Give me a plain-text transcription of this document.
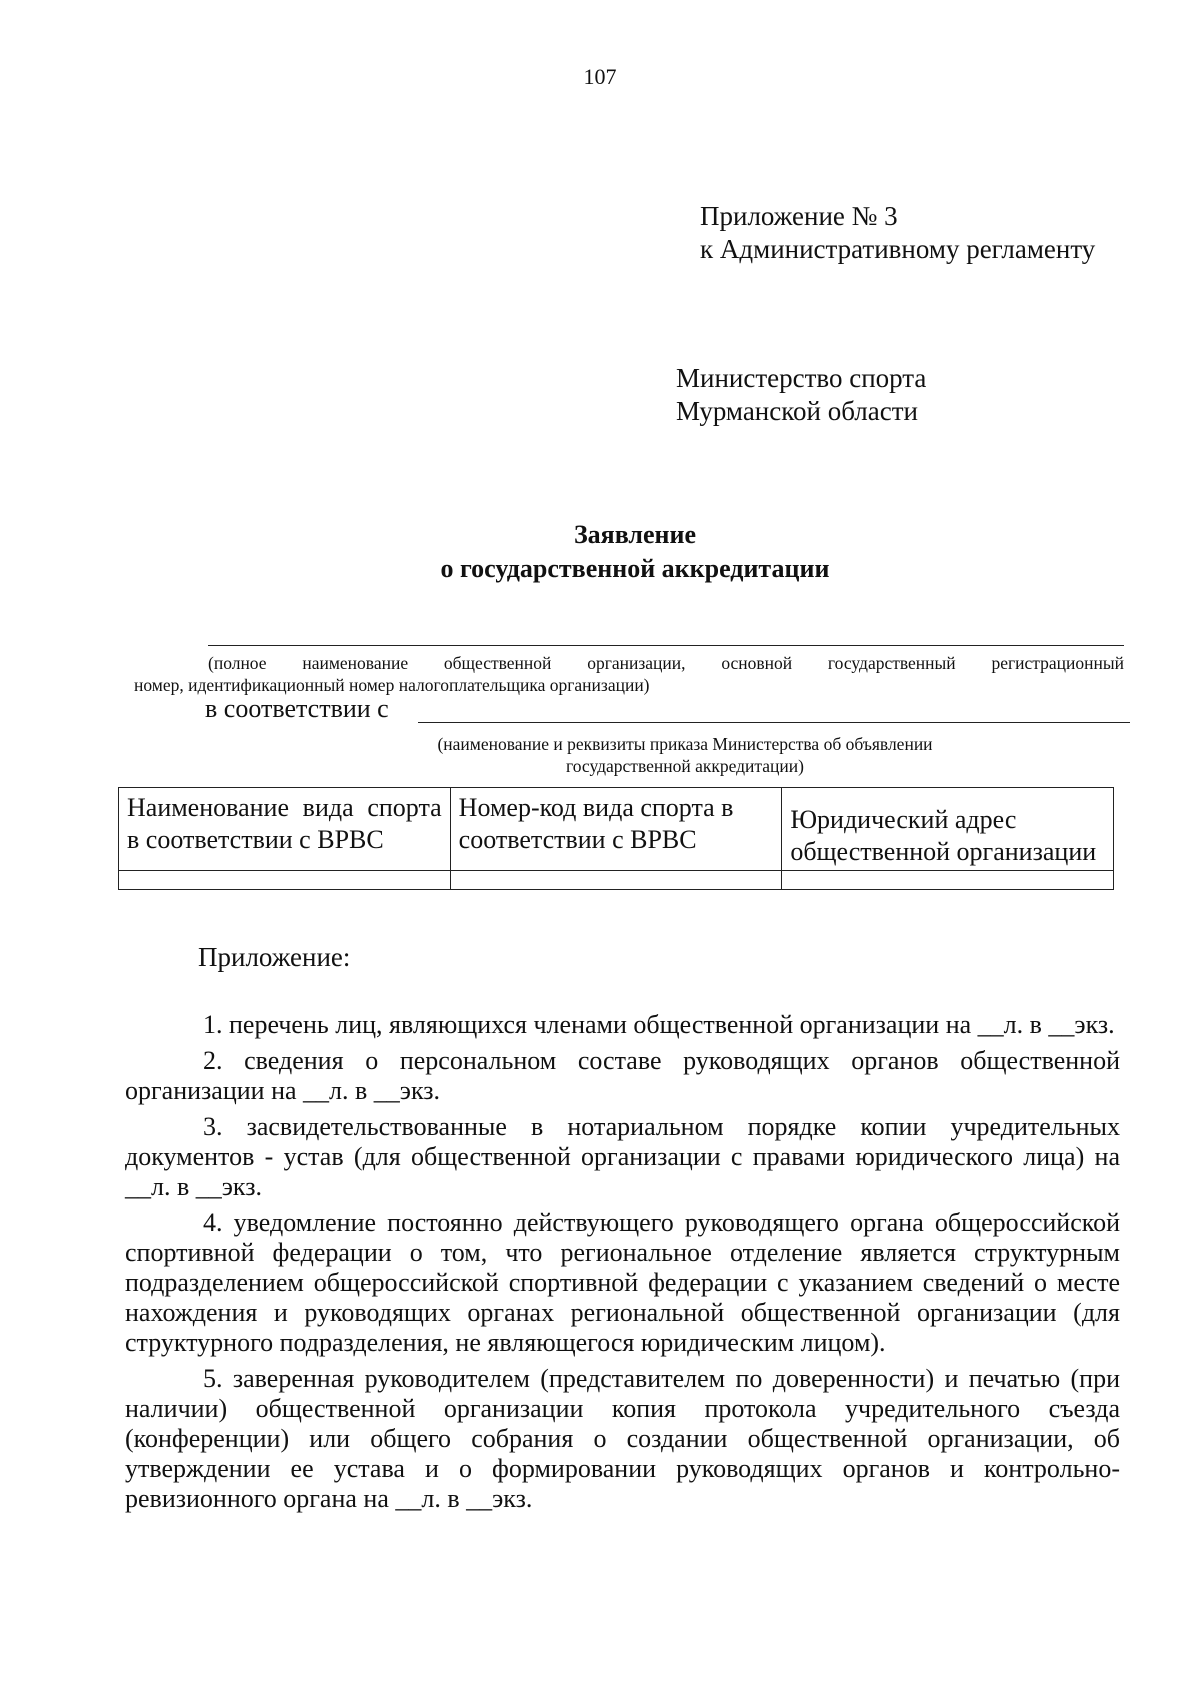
107
Приложение № 3
к Административному регламенту
Министерство спорта
Мурманской области
Заявление
о государственной аккредитации
(полное наименование общественной организации, основной государственный регистрационный
номер, идентификационный номер налогоплательщика организации)
в соответствии с
(наименование и реквизиты приказа Министерства об объявлении
государственной аккредитации)
Наименование вида спорта в соответствии с ВРВС	Номер-код вида спорта в соответствии с ВРВС	Юридический адрес общественной организации

Приложение:

1. перечень лиц, являющихся членами общественной организации на __л. в __экз.

2. сведения о персональном составе руководящих органов общественной организации на __л. в __экз.

3. засвидетельствованные в нотариальном порядке копии учредительных документов - устав (для общественной организации с правами юридического лица) на __л. в __экз.

4. уведомление постоянно действующего руководящего органа общероссийской спортивной федерации о том, что региональное отделение является структурным подразделением общероссийской спортивной федерации с указанием сведений о месте нахождения и руководящих органах региональной общественной организации (для структурного подразделения, не являющегося юридическим лицом).

5. заверенная руководителем (представителем по доверенности) и печатью (при наличии) общественной организации копия протокола учредительного съезда (конференции) или общего собрания о создании общественной организации, об утверждении ее устава и о формировании руководящих органов и контрольно-ревизионного органа на __л. в __экз.
